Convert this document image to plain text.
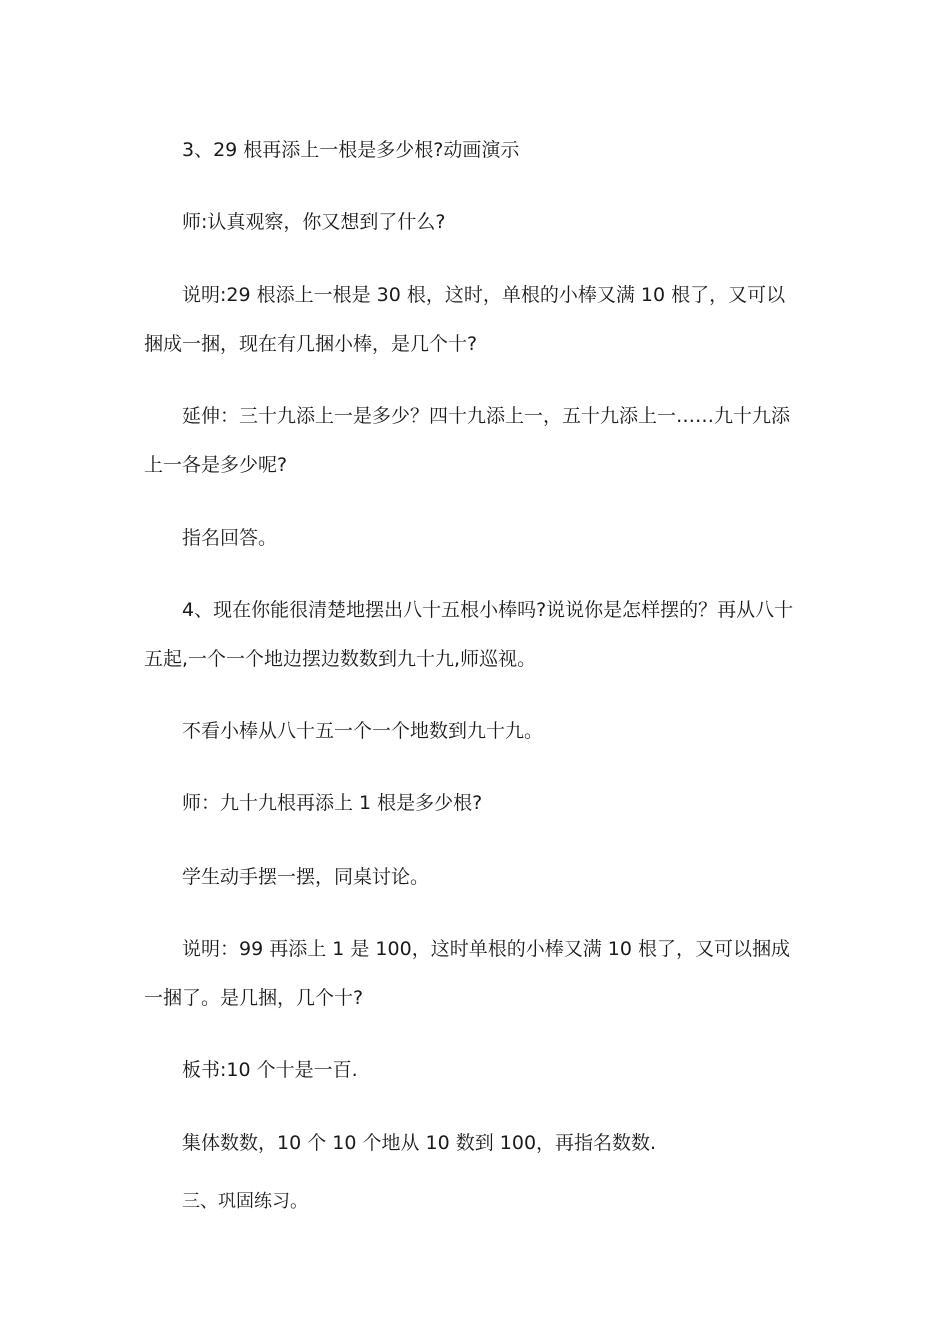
3、29 根再添上一根是多少根?动画演示

师:认真观察，你又想到了什么?

说明:29 根添上一根是 30 根，这时，单根的小棒又满 10 根了，又可以捆成一捆，现在有几捆小棒，是几个十?

延伸：三十九添上一是多少？四十九添上一，五十九添上一……九十九添上一各是多少呢?

指名回答。

4、现在你能很清楚地摆出八十五根小棒吗?说说你是怎样摆的？再从八十五起,一个一个地边摆边数数到九十九,师巡视。

不看小棒从八十五一个一个地数到九十九。

师：九十九根再添上 1 根是多少根?

学生动手摆一摆，同桌讨论。

说明：99 再添上 1 是 100，这时单根的小棒又满 10 根了，又可以捆成一捆了。是几捆，几个十?

板书:10 个十是一百.

集体数数，10 个 10 个地从 10 数到 100，再指名数数.

三、巩固练习。
